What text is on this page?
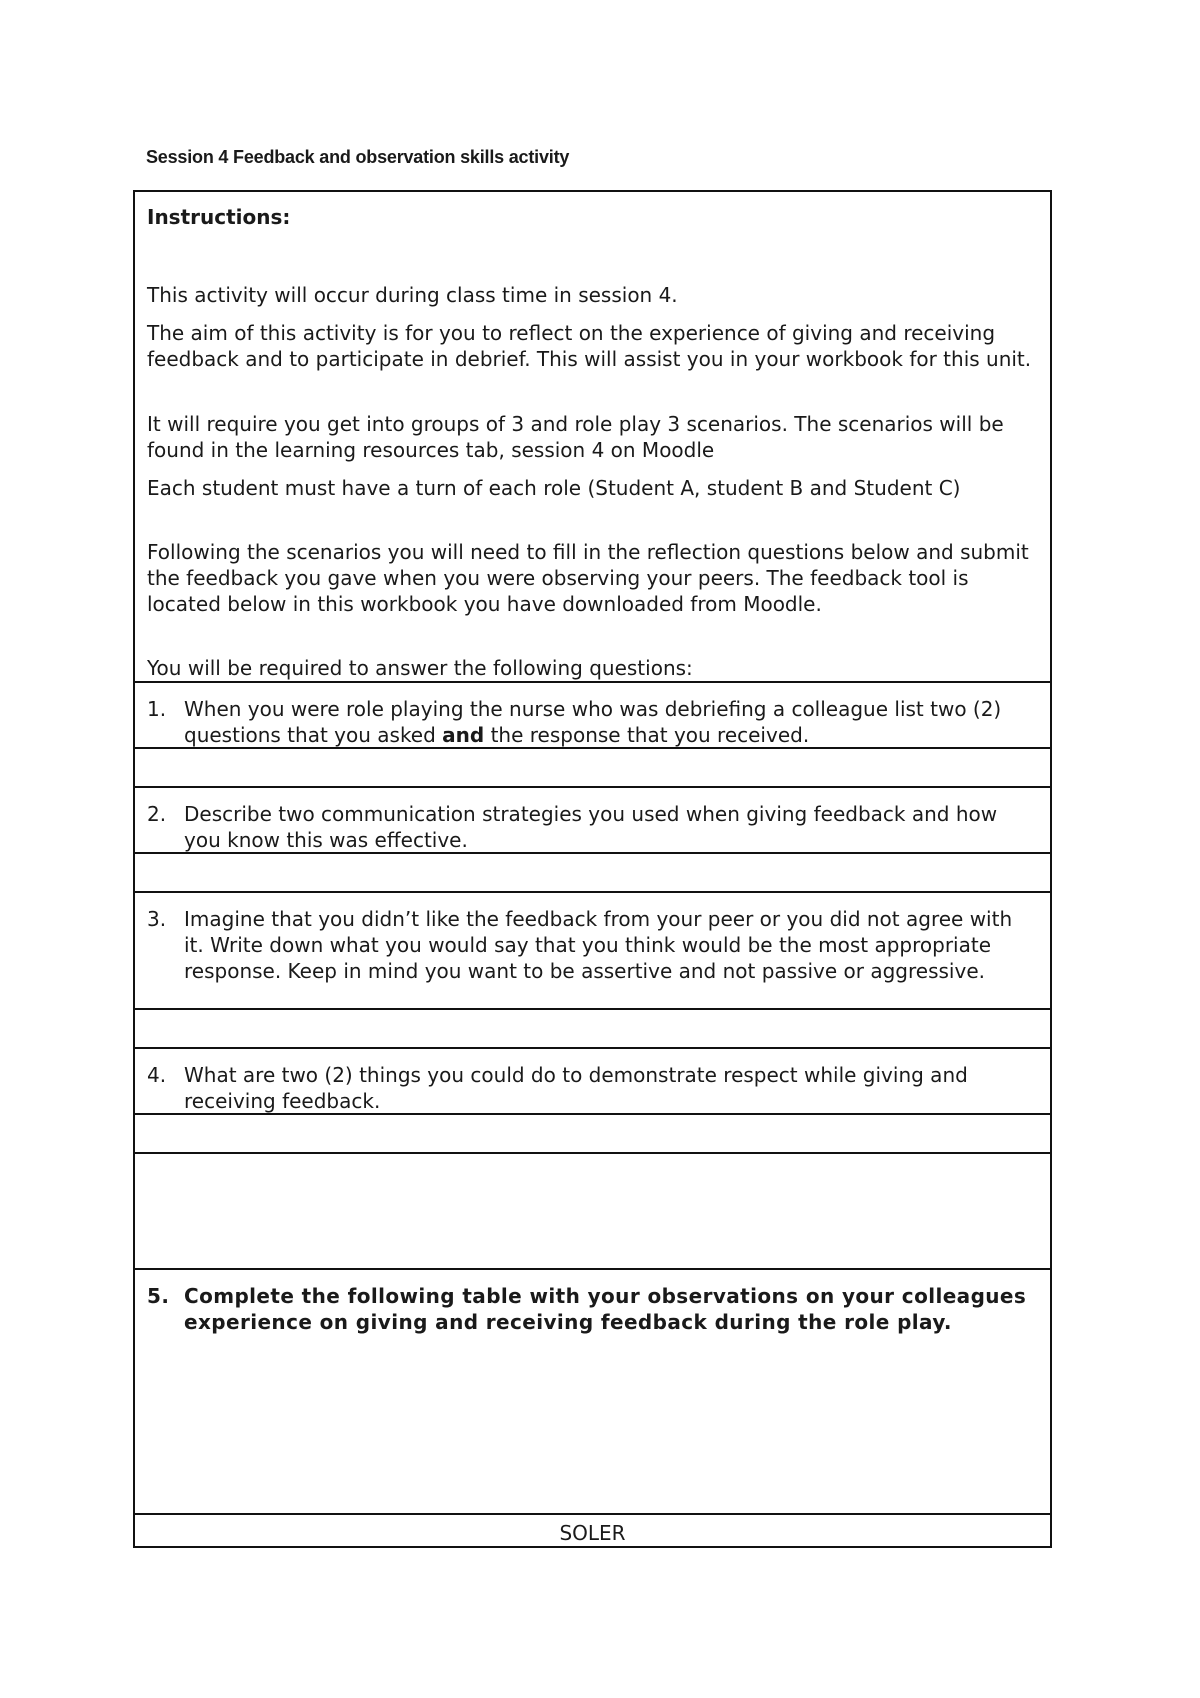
Session 4 Feedback and observation skills activity
Instructions:

This activity will occur during class time in session 4.

The aim of this activity is for you to reflect on the experience of giving and receiving feedback and to participate in debrief. This will assist you in your workbook for this unit.

It will require you get into groups of 3 and role play 3 scenarios. The scenarios will be found in the learning resources tab, session 4 on Moodle

Each student must have a turn of each role (Student A, student B and Student C)

Following the scenarios you will need to fill in the reflection questions below and submit the feedback you gave when you were observing your peers. The feedback tool is located below in this workbook you have downloaded from Moodle.

You will be required to answer the following questions:

1. When you were role playing the nurse who was debriefing a colleague list two (2) questions that you asked and the response that you received.
2. Describe two communication strategies you used when giving feedback and how you know this was effective.
3. Imagine that you didn’t like the feedback from your peer or you did not agree with it. Write down what you would say that you think would be the most appropriate response. Keep in mind you want to be assertive and not passive or aggressive.
4. What are two (2) things you could do to demonstrate respect while giving and receiving feedback.
5. Complete the following table with your observations on your colleagues experience on giving and receiving feedback during the role play.
SOLER
